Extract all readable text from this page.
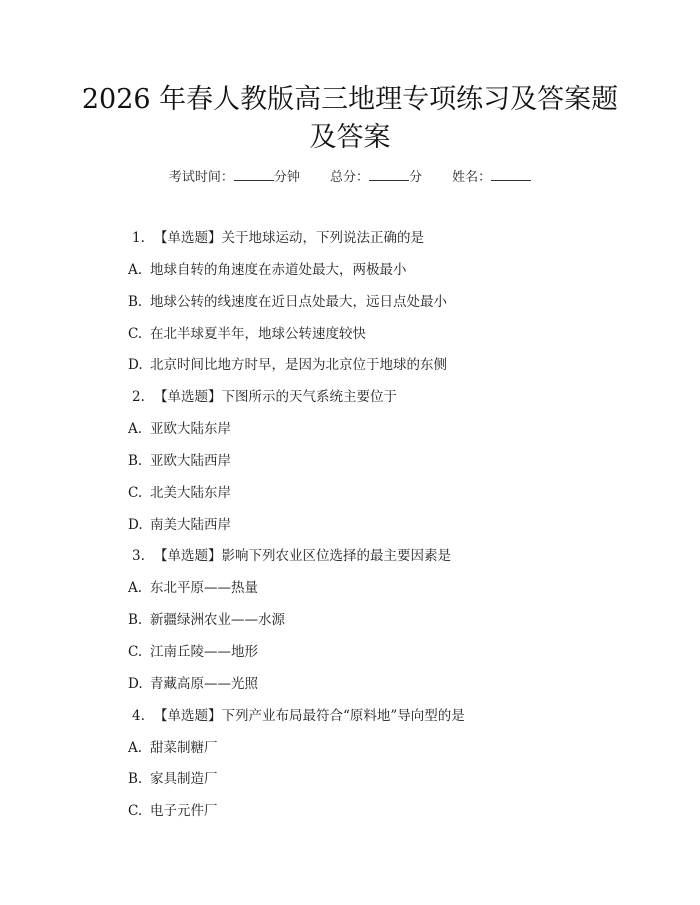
2026 年春人教版高三地理专项练习及答案题
及答案
考试时间：	分钟 总分：	分 姓名：
1. 【单选题】关于地球运动，下列说法正确的是
A. 地球自转的角速度在赤道处最大，两极最小
B. 地球公转的线速度在近日点处最大，远日点处最小
C. 在北半球夏半年，地球公转速度较快
D. 北京时间比地方时早，是因为北京位于地球的东侧
2. 【单选题】下图所示的天气系统主要位于
A. 亚欧大陆东岸
B. 亚欧大陆西岸
C. 北美大陆东岸
D. 南美大陆西岸
3. 【单选题】影响下列农业区位选择的最主要因素是
A. 东北平原——热量
B. 新疆绿洲农业——水源
C. 江南丘陵——地形
D. 青藏高原——光照
4. 【单选题】下列产业布局最符合“原料地”导向型的是
A. 甜菜制糖厂
B. 家具制造厂
C. 电子元件厂
